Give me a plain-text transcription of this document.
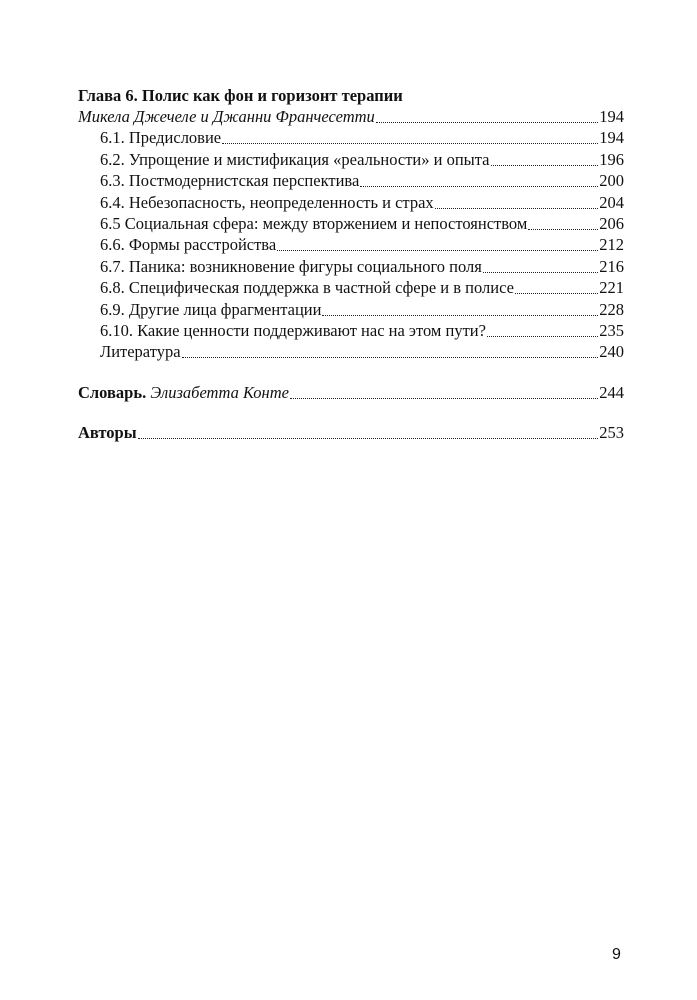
Глава 6. Полис как фон и горизонт терапии
Микела Джечеле и Джанни Франчесетти	194
6.1. Предисловие	194
6.2. Упрощение и мистификация «реальности» и опыта	196
6.3. Постмодернистская перспектива	200
6.4. Небезопасность, неопределенность и страх	204
6.5 Социальная сфера: между вторжением и непостоянством	206
6.6. Формы расстройства	212
6.7. Паника: возникновение фигуры социального поля	216
6.8. Специфическая поддержка в частной сфере и в полисе	221
6.9. Другие лица фрагментации	228
6.10. Какие ценности поддерживают нас на этом пути?	235
Литература	240
Словарь. Элизабетта Конте	244
Авторы	253
9
